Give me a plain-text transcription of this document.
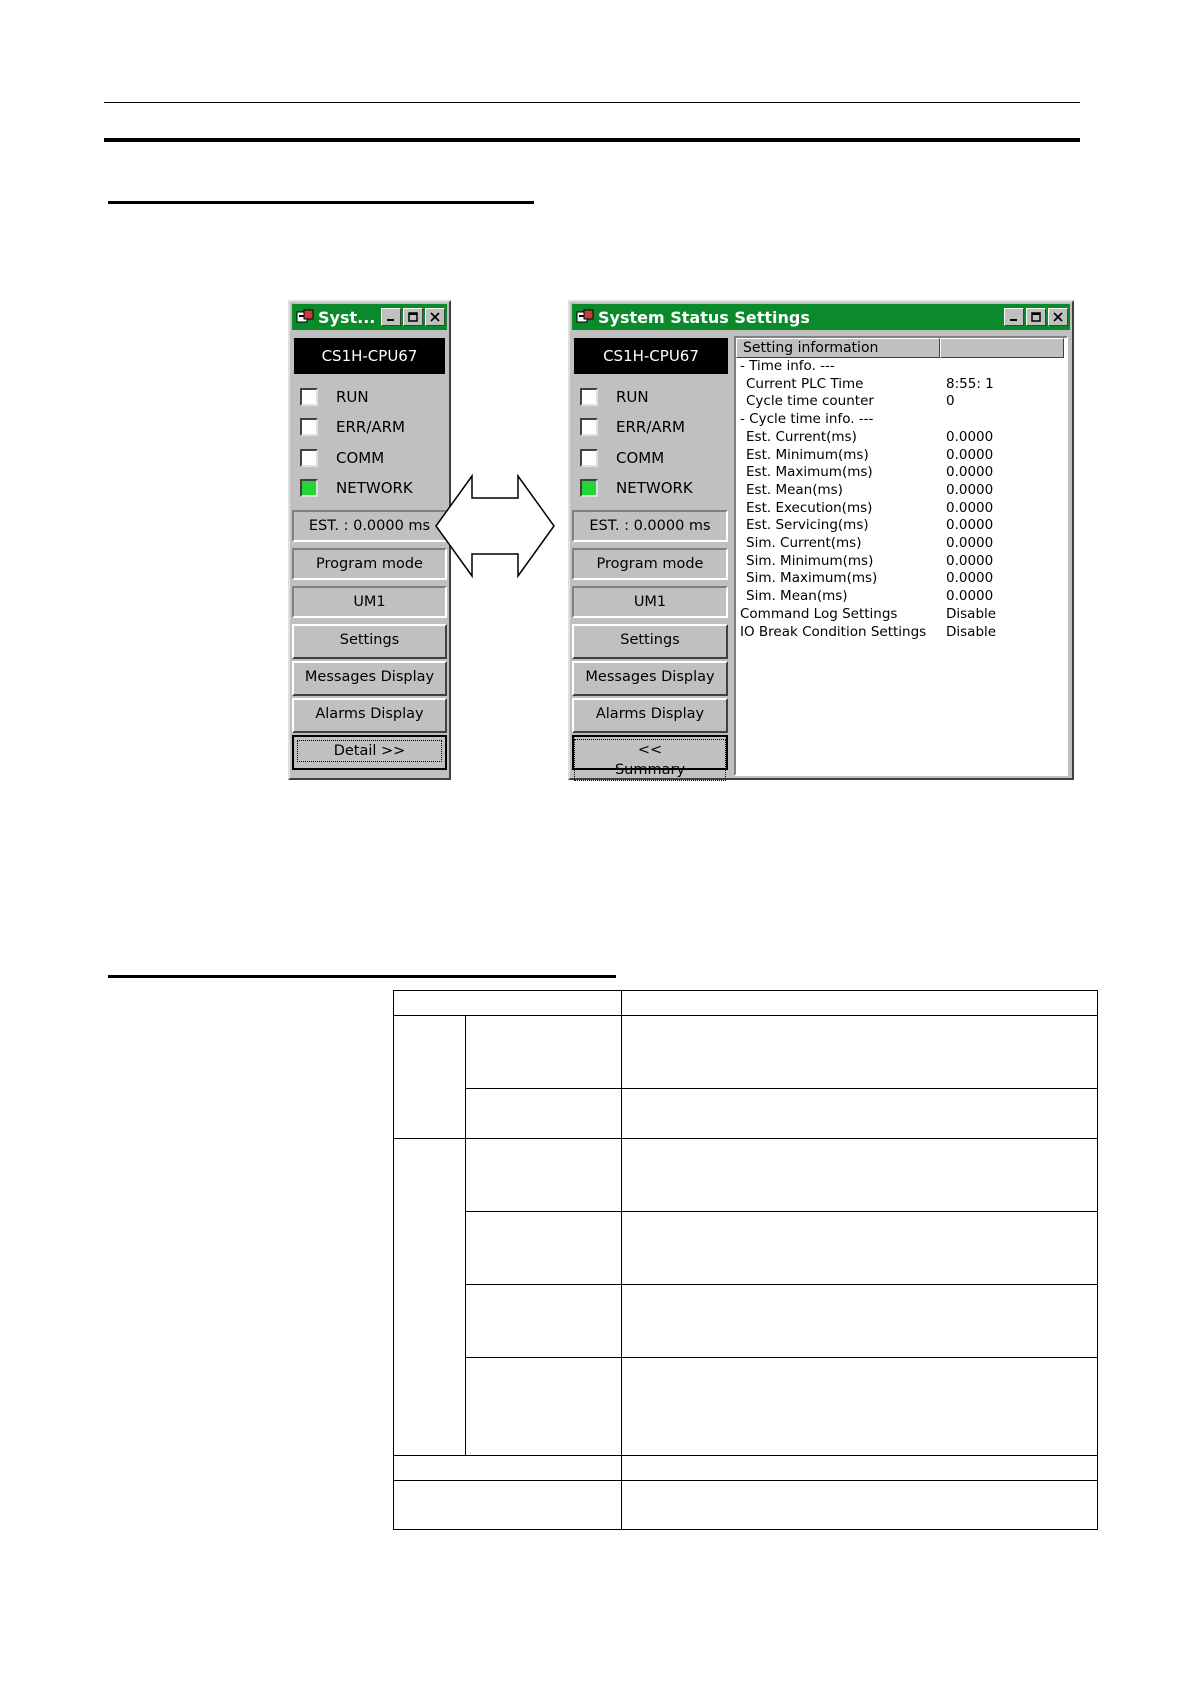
Syst...
CS1H-CPU67
RUN
ERR/ARM
COMM
NETWORK
EST. : 0.0000 ms
Program mode
UM1
Settings
Messages Display
Alarms Display
Detail >>
System Status Settings
CS1H-CPU67
RUN
ERR/ARM
COMM
NETWORK
EST. : 0.0000 ms
Program mode
UM1
Settings
Messages Display
Alarms Display
<< Summary
Setting information
- Time info. ---
Current PLC Time	8:55: 1
Cycle time counter	0
- Cycle time info. ---
Est. Current(ms)	0.0000
Est. Minimum(ms)	0.0000
Est. Maximum(ms)	0.0000
Est. Mean(ms)	0.0000
Est. Execution(ms)	0.0000
Est. Servicing(ms)	0.0000
Sim. Current(ms)	0.0000
Sim. Minimum(ms)	0.0000
Sim. Maximum(ms)	0.0000
Sim. Mean(ms)	0.0000
Command Log Settings	Disable
IO Break Condition Settings Disable
